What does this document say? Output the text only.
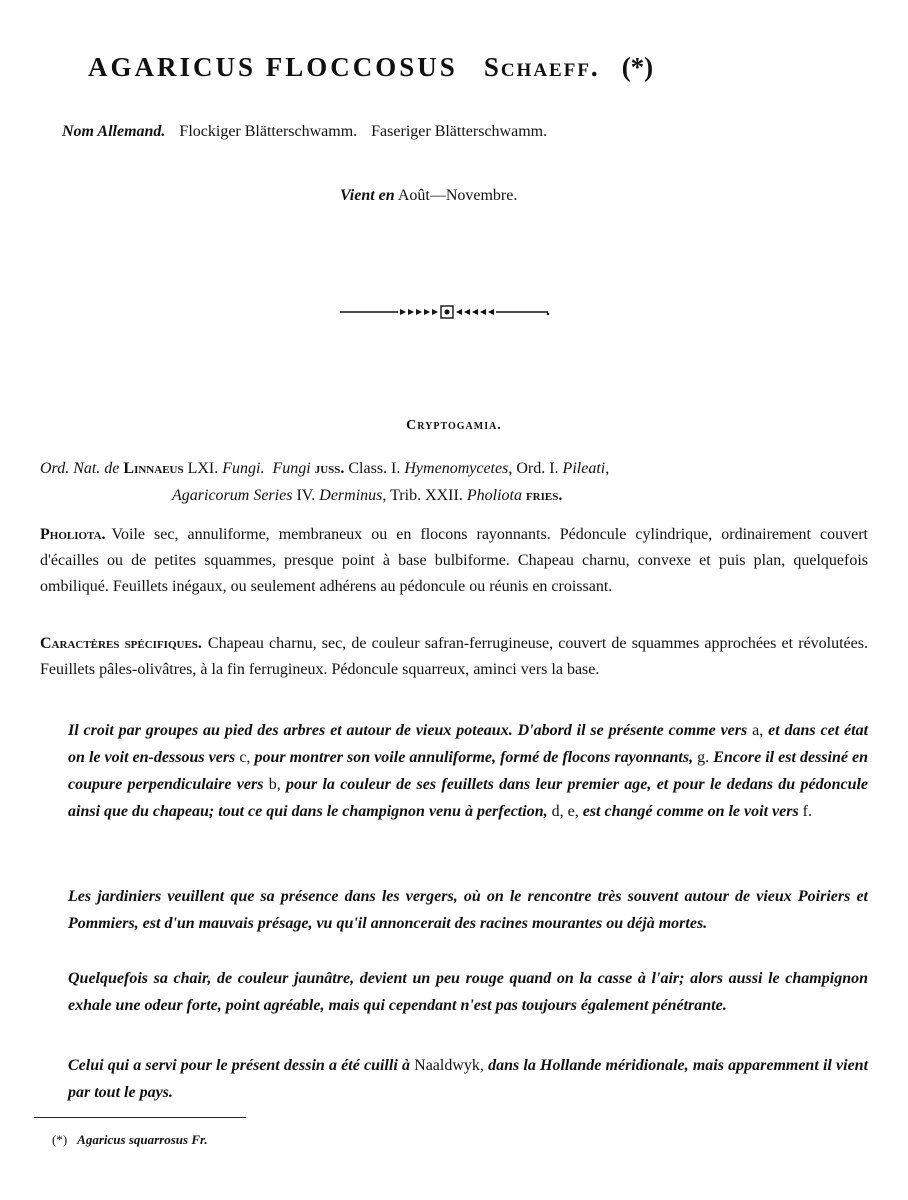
AGARICUS FLOCCOSUS Schaeff. (*)
Nom Allemand. Flockiger Blätterschwamm. Faseriger Blätterschwamm.
Vient en Août—Novembre.
Cryptogamia.
Ord. Nat. de Linnaeus LXI. Fungi. Fungi juss. Class. I. Hymenomycetes, Ord. I. Pileati,
Agaricorum Series IV. Derminus, Trib. XXII. Pholiota fries.
Pholiota. Voile sec, annuliforme, membraneux ou en flocons rayonnants. Pédoncule cylindrique, ordinairement couvert d'écailles ou de petites squammes, presque point à base bulbiforme. Chapeau charnu, convexe et puis plan, quelquefois ombiliqué. Feuillets inégaux, ou seulement adhérens au pédoncule ou réunis en croissant.
Caractères spécifiques. Chapeau charnu, sec, de couleur safran-ferrugineuse, couvert de squammes approchées et révolutées. Feuillets pâles-olivâtres, à la fin ferrugineux. Pédoncule squarreux, aminci vers la base.
Il croit par groupes au pied des arbres et autour de vieux poteaux. D'abord il se présente comme vers a, et dans cet état on le voit en-dessous vers c, pour montrer son voile annuliforme, formé de flocons rayonnants, g. Encore il est dessiné en coupure perpendiculaire vers b, pour la couleur de ses feuillets dans leur premier age, et pour le dedans du pédoncule ainsi que du chapeau; tout ce qui dans le champignon venu à perfection, d, e, est changé comme on le voit vers f.
Les jardiniers veuillent que sa présence dans les vergers, où on le rencontre très souvent autour de vieux Poiriers et Pommiers, est d'un mauvais présage, vu qu'il annoncerait des racines mourantes ou déjà mortes.
Quelquefois sa chair, de couleur jaunâtre, devient un peu rouge quand on la casse à l'air; alors aussi le champignon exhale une odeur forte, point agréable, mais qui cependant n'est pas toujours également pénétrante.
Celui qui a servi pour le présent dessin a été cuilli à Naaldwyk, dans la Hollande méridionale, mais apparemment il vient par tout le pays.
(*) Agaricus squarrosus Fr.
